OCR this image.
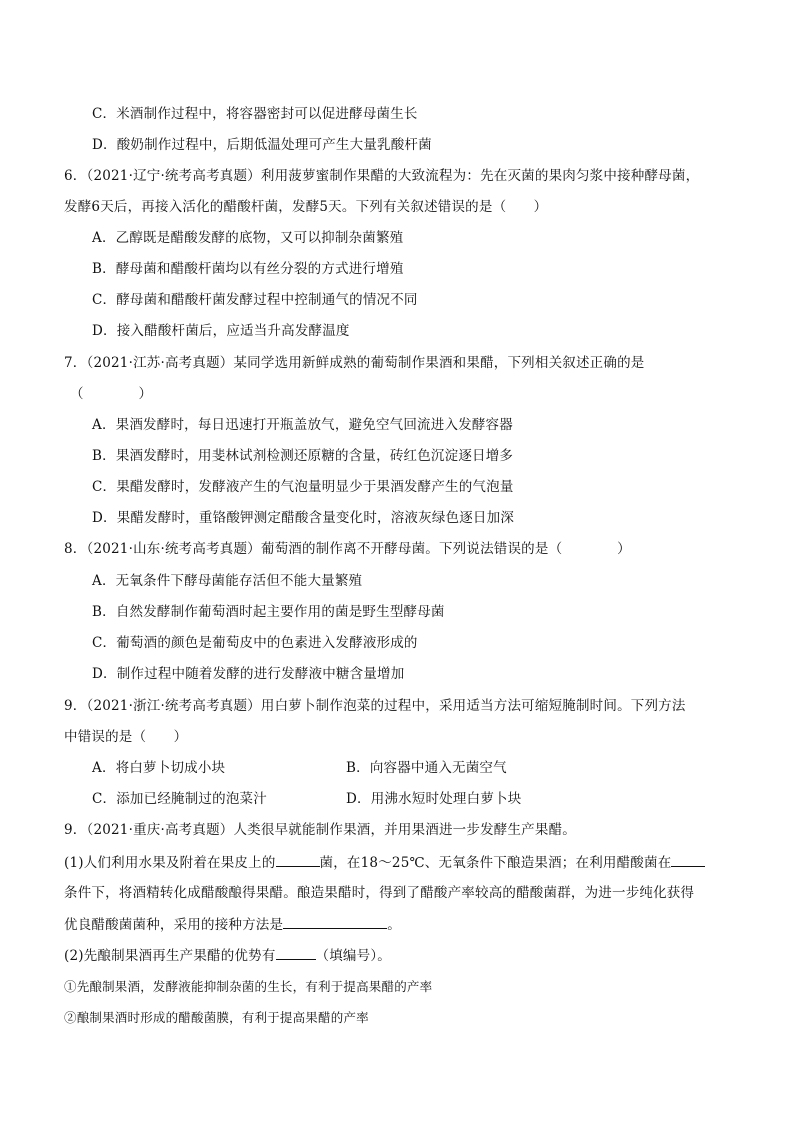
C．米酒制作过程中，将容器密封可以促进酵母菌生长
D．酸奶制作过程中，后期低温处理可产生大量乳酸杆菌
6．（2021·辽宁·统考高考真题）利用菠萝蜜制作果醋的大致流程为：先在灭菌的果肉匀浆中接种酵母菌，
发酵6天后，再接入活化的醋酸杆菌，发酵5天。下列有关叙述错误的是（　　）
A．乙醇既是醋酸发酵的底物，又可以抑制杂菌繁殖
B．酵母菌和醋酸杆菌均以有丝分裂的方式进行增殖
C．酵母菌和醋酸杆菌发酵过程中控制通气的情况不同
D．接入醋酸杆菌后，应适当升高发酵温度
7．（2021·江苏·高考真题）某同学选用新鲜成熟的葡萄制作果酒和果醋，下列相关叙述正确的是
（　　　　）
A．果酒发酵时，每日迅速打开瓶盖放气，避免空气回流进入发酵容器
B．果酒发酵时，用斐林试剂检测还原糖的含量，砖红色沉淀逐日增多
C．果醋发酵时，发酵液产生的气泡量明显少于果酒发酵产生的气泡量
D．果醋发酵时，重铬酸钾测定醋酸含量变化时，溶液灰绿色逐日加深
8．（2021·山东·统考高考真题）葡萄酒的制作离不开酵母菌。下列说法错误的是（　　　　）
A．无氧条件下酵母菌能存活但不能大量繁殖
B．自然发酵制作葡萄酒时起主要作用的菌是野生型酵母菌
C．葡萄酒的颜色是葡萄皮中的色素进入发酵液形成的
D．制作过程中随着发酵的进行发酵液中糖含量增加
9．（2021·浙江·统考高考真题）用白萝卜制作泡菜的过程中，采用适当方法可缩短腌制时间。下列方法
中错误的是（　　）
A．将白萝卜切成小块	B．向容器中通入无菌空气
C．添加已经腌制过的泡菜汁	D．用沸水短时处理白萝卜块
9．（2021·重庆·高考真题）人类很早就能制作果酒，并用果酒进一步发酵生产果醋。
(1)人们利用水果及附着在果皮上的	菌，在18～25℃、无氧条件下酿造果酒；在利用醋酸菌在
条件下，将酒精转化成醋酸酿得果醋。酿造果醋时，得到了醋酸产率较高的醋酸菌群，为进一步纯化获得
优良醋酸菌菌种，采用的接种方法是	。
(2)先酿制果酒再生产果醋的优势有	（填编号）。
①先酿制果酒，发酵液能抑制杂菌的生长，有利于提高果醋的产率
②酿制果酒时形成的醋酸菌膜，有利于提高果醋的产率
